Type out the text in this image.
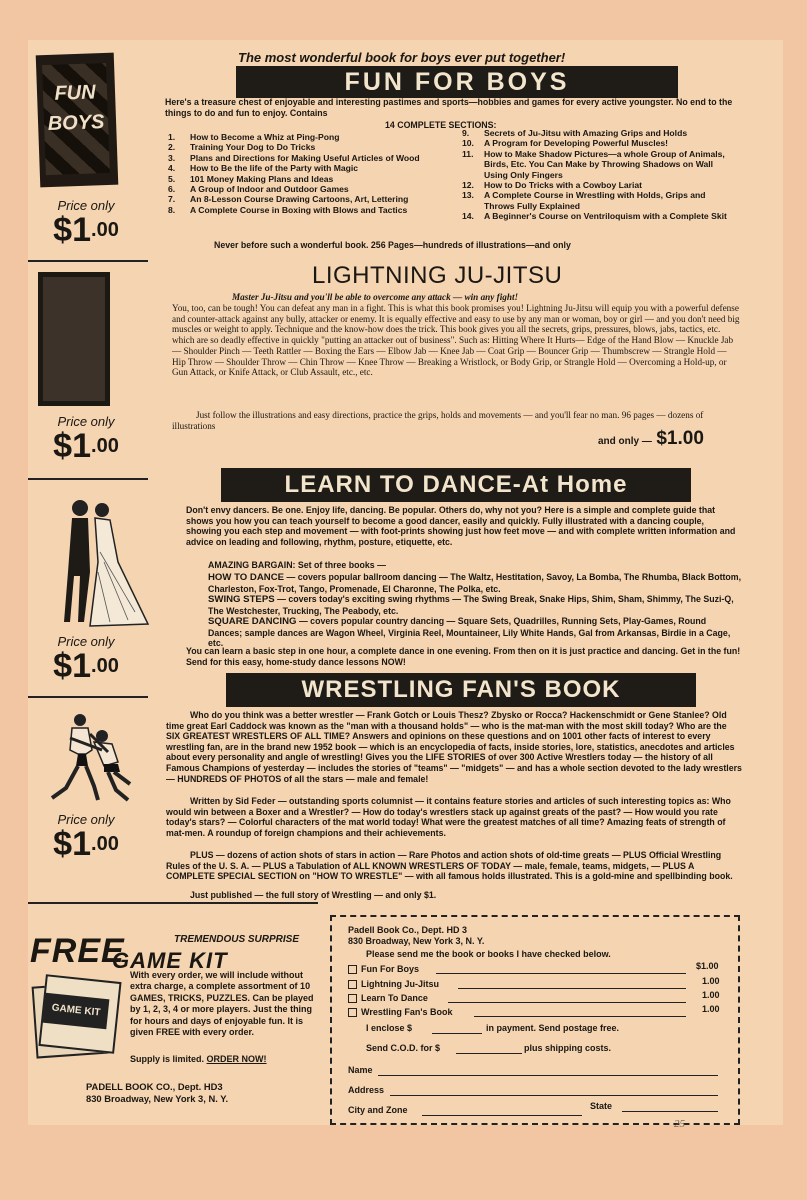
The most wonderful book for boys ever put together!
FUN FOR BOYS
FUN BOYS
Here's a treasure chest of enjoyable and interesting pastimes and sports—hobbies and games for every active youngster. No end to the things to do and fun to enjoy. Contains
14 COMPLETE SECTIONS:
1.	How to Become a Whiz at Ping-Pong
2.	Training Your Dog to Do Tricks
3.	Plans and Directions for Making Useful Articles of Wood
4.	How to Be the life of the Party with Magic
5.	101 Money Making Plans and Ideas
6.	A Group of Indoor and Outdoor Games
7.	An 8-Lesson Course Drawing Cartoons, Art, Lettering
8.	A Complete Course in Boxing with Blows and Tactics
9.	Secrets of Ju-Jitsu with Amazing Grips and Holds
10.	A Program for Developing Powerful Muscles!
11.	How to Make Shadow Pictures—a whole Group of Animals, Birds, Etc. You Can Make by Throwing Shadows on Wall Using Only Fingers
12.	How to Do Tricks with a Cowboy Lariat
13.	A Complete Course in Wrestling with Holds, Grips and Throws Fully Explained
14.	A Beginner's Course on Ventriloquism with a Complete Skit
Never before such a wonderful book. 256 Pages—hundreds of illustrations—and only
Price only
$\$1^{.00}$
LIGHTNING JU-JITSU
Master Ju-Jitsu and you'll be able to overcome any attack — win any fight!
You, too, can be tough! You can defeat any man in a fight. This is what this book promises you! Lightning Ju-Jitsu will equip you with a powerful defense and counter-attack against any bully, attacker or enemy. It is equally effective and easy to use by any man or woman, boy or girl — and you don't need big muscles or weight to apply. Technique and the know-how does the trick. This book gives you all the secrets, grips, pressures, blows, jabs, tactics, etc. which are so deadly effective in quickly "putting an attacker out of business". Such as: Hitting Where It Hurts— Edge of the Hand Blow — Knuckle Jab — Shoulder Pinch — Teeth Rattler — Boxing the Ears — Elbow Jab — Knee Jab — Coat Grip — Bouncer Grip — Thumbscrew — Strangle Hold — Hip Throw — Shoulder Throw — Chin Throw — Knee Throw — Breaking a Wristlock, or Body Grip, or Strangle Hold — Overcoming a Hold-up, or Gun Attack, or Knife Attack, or Club Assault, etc., etc.
Just follow the illustrations and easy directions, practice the grips, holds and movements — and you'll fear no man. 96 pages — dozens of illustrations
and only — $1.00
Price only
$\$1^{.00}$
LEARN TO DANCE-At Home
Don't envy dancers. Be one. Enjoy life, dancing. Be popular. Others do, why not you? Here is a simple and complete guide that shows you how you can teach yourself to become a good dancer, easily and quickly. Fully illustrated with a dancing couple, showing you each step and movement — with foot-prints showing just how feet move — and with complete written information and advice on leading and following, rhythm, posture, etiquette, etc.
AMAZING BARGAIN: Set of three books —
HOW TO DANCE — covers popular ballroom dancing — The Waltz, Hestitation, Savoy, La Bomba, The Rhumba, Black Bottom, Charleston, Fox-Trot, Tango, Promenade, El Charonne, The Polka, etc.
SWING STEPS — covers today's exciting swing rhythms — The Swing Break, Snake Hips, Shim, Sham, Shimmy, The Suzi-Q, The Westchester, Trucking, The Peabody, etc.
SQUARE DANCING — covers popular country dancing — Square Sets, Quadrilles, Running Sets, Play-Games, Round Dances; sample dances are Wagon Wheel, Virginia Reel, Mountaineer, Lily White Hands, Gal from Arkansas, Birdie in a Cage, etc.
You can learn a basic step in one hour, a complete dance in one evening. From then on it is just practice and dancing. Get in the fun! Send for this easy, home-study dance lessons NOW!
Price only
$\$1^{.00}$
WRESTLING FAN'S BOOK
Who do you think was a better wrestler — Frank Gotch or Louis Thesz? Zbysko or Rocca? Hackenschmidt or Gene Stanlee? Old time great Earl Caddock was known as the "man with a thousand holds" — who is the mat-man with the most skill today? Who are the SIX GREATEST WRESTLERS OF ALL TIME? Answers and opinions on these questions and on 1001 other facts of interest to every wrestling fan, are in the brand new 1952 book — which is an encyclopedia of facts, inside stories, lore, statistics, anecdotes and articles about every personality and angle of wrestling! Gives you the LIFE STORIES of over 300 Active Wrestlers today — the history of all Famous Champions of yesterday — includes the stories of "teams" — "midgets" — and has a whole section devoted to the lady wrestlers — HUNDREDS OF PHOTOS of all the stars — male and female!
Written by Sid Feder — outstanding sports columnist — it contains feature stories and articles of such interesting topics as: Who would win between a Boxer and a Wrestler? — How do today's wrestlers stack up against greats of the past? — How would you rate today's stars? — Colorful characters of the mat world today! What were the greatest matches of all time? Amazing feats of strength of mat-men. A roundup of foreign champions and their achievements.
PLUS — dozens of action shots of stars in action — Rare Photos and action shots of old-time greats — PLUS Official Wrestling Rules of the U. S. A. — PLUS a Tabulation of ALL KNOWN WRESTLERS OF TODAY — male, female, teams, midgets, — PLUS A COMPLETE SPECIAL SECTION on "HOW TO WRESTLE" — with all famous holds illustrated. This is a gold-mine and spellbinding book.
Just published — the full story of Wrestling — and only $1.
Price only
$\$1^{.00}$
FREE	TREMENDOUS SURPRISE
GAME KIT
GAME KIT
With every order, we will include without extra charge, a complete assortment of 10 GAMES, TRICKS, PUZZLES. Can be played by 1, 2, 3, 4 or more players. Just the thing for hours and days of enjoyable fun. It is given FREE with every order.
Supply is limited. ORDER NOW!
PADELL BOOK CO., Dept. HD3
830 Broadway, New York 3, N. Y.
Padell Book Co., Dept. HD 3
830 Broadway, New York 3, N. Y.
Please send me the book or books I have checked below.
Fun For Boys	$1.00
Lightning Ju-Jitsu	1.00
Learn To Dance	1.00
Wrestling Fan's Book	1.00
I enclose $	in payment. Send postage free.
Send C.O.D. for $	plus shipping costs.
Name
Address
City and Zone	State
25
